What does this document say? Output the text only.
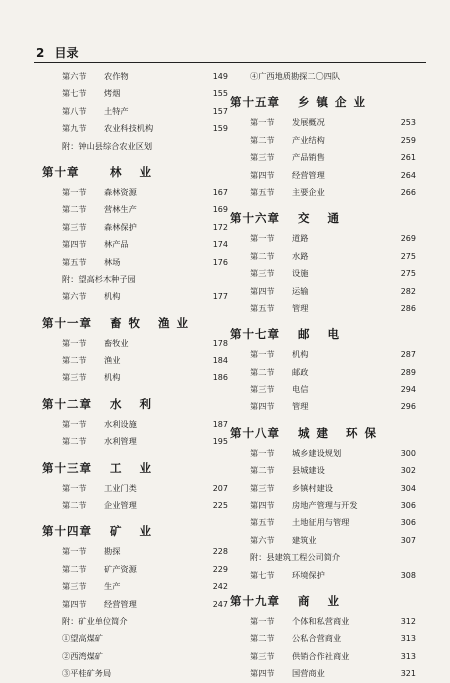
2 目录
第六节 农作物	149
第七节 烤烟	155
第八节 土特产	157
第九节 农业科技机构	159
附：钟山县综合农业区划
第十章	林 业
第一节 森林资源	167
第二节 营林生产	169
第三节 森林保护	172
第四节 林产品	174
第五节 林场	176
附：望高杉木种子园
第六节 机构	177
第十一章 畜牧 渔业
第一节 畜牧业	178
第二节 渔业	184
第三节 机构	186
第十二章 水 利
第一节 水利设施	187
第二节 水利管理	195
第十三章 工 业
第一节 工业门类	207
第二节 企业管理	225
第十四章 矿 业
第一节 勘探	228
第二节 矿产资源	229
第三节 生产	242
第四节 经营管理	247
附：矿业单位简介
①望高煤矿
②西湾煤矿
③平桂矿务局
④广西地质勘探二〇四队
第十五章 乡镇企业
第一节 发展概况	253
第二节 产业结构	259
第三节 产品销售	261
第四节 经营管理	264
第五节 主要企业	266
第十六章 交 通
第一节 道路	269
第二节 水路	275
第三节 设施	275
第四节 运输	282
第五节 管理	286
第十七章 邮 电
第一节 机构	287
第二节 邮政	289
第三节 电信	294
第四节 管理	296
第十八章 城建 环保
第一节 城乡建设规划	300
第二节 县城建设	302
第三节 乡镇村建设	304
第四节 房地产管理与开发	306
第五节 土地征用与管理	306
第六节 建筑业	307
附：县建筑工程公司简介
第七节 环境保护	308
第十九章 商 业
第一节 个体和私营商业	312
第二节 公私合营商业	313
第三节 供销合作社商业	313
第四节 国营商业	321
